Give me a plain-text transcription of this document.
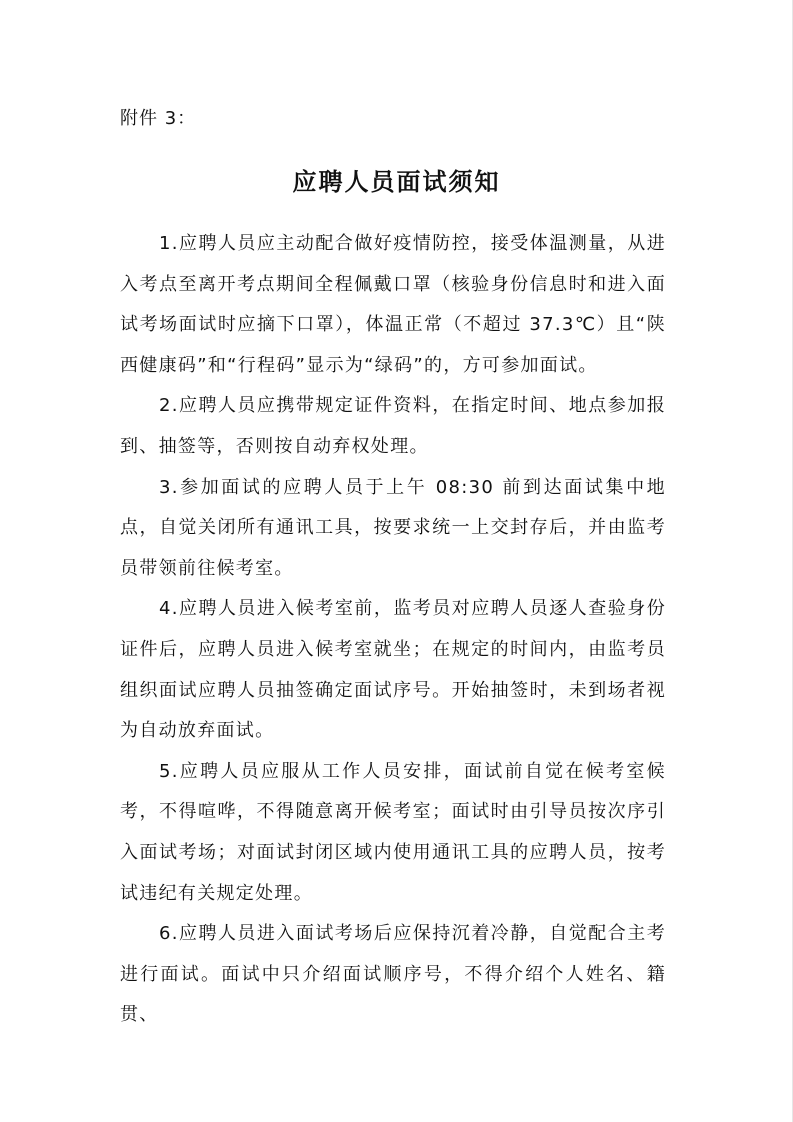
附件 3：

应聘人员面试须知

1.应聘人员应主动配合做好疫情防控，接受体温测量，从进入考点至离开考点期间全程佩戴口罩（核验身份信息时和进入面试考场面试时应摘下口罩），体温正常（不超过 37.3℃）且“陕西健康码”和“行程码”显示为“绿码”的，方可参加面试。

2.应聘人员应携带规定证件资料，在指定时间、地点参加报到、抽签等，否则按自动弃权处理。

3.参加面试的应聘人员于上午 08:30 前到达面试集中地点，自觉关闭所有通讯工具，按要求统一上交封存后，并由监考员带领前往候考室。

4.应聘人员进入候考室前，监考员对应聘人员逐人查验身份证件后，应聘人员进入候考室就坐；在规定的时间内，由监考员组织面试应聘人员抽签确定面试序号。开始抽签时，未到场者视为自动放弃面试。

5.应聘人员应服从工作人员安排，面试前自觉在候考室候考，不得喧哗，不得随意离开候考室；面试时由引导员按次序引入面试考场；对面试封闭区域内使用通讯工具的应聘人员，按考试违纪有关规定处理。

6.应聘人员进入面试考场后应保持沉着冷静，自觉配合主考进行面试。面试中只介绍面试顺序号，不得介绍个人姓名、籍贯、
